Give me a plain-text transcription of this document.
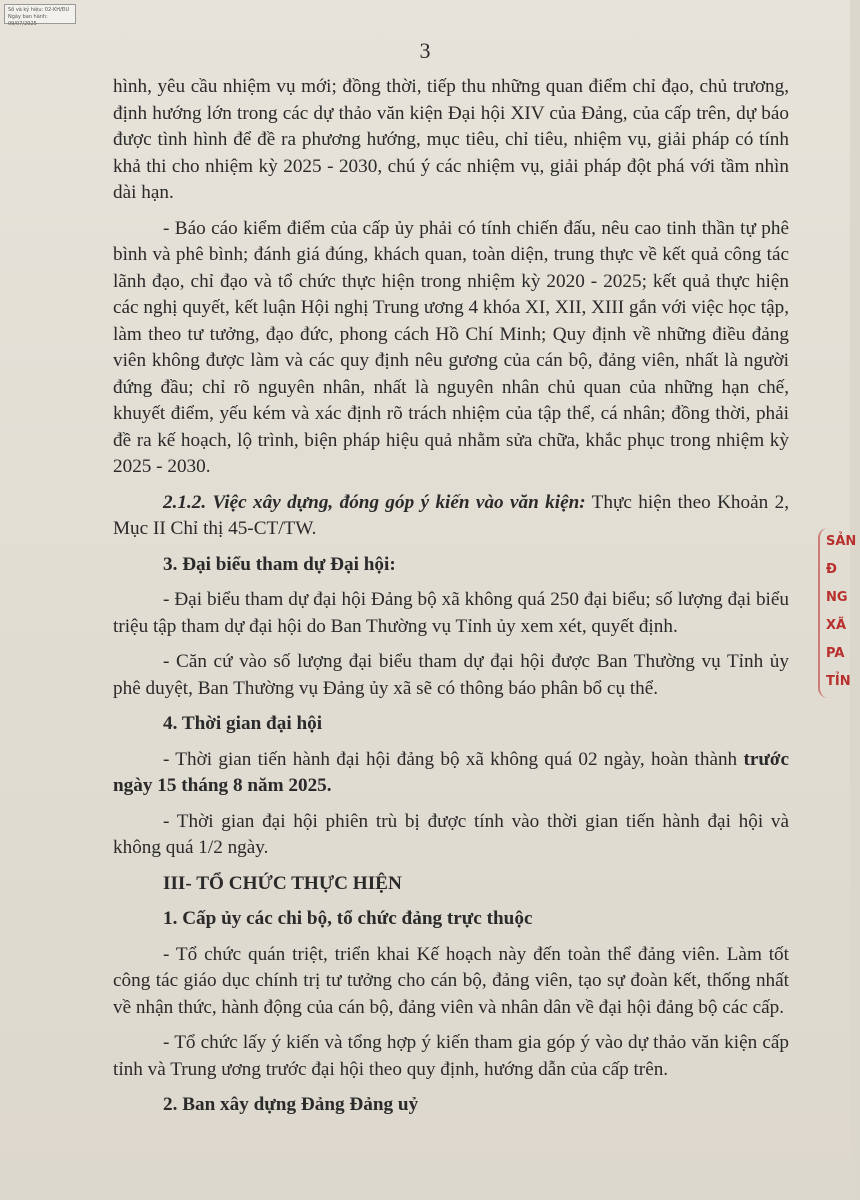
Số và ký hiệu: 02-KH/ĐU
Ngày ban hành: 09/07/2025
3

hình, yêu cầu nhiệm vụ mới; đồng thời, tiếp thu những quan điểm chỉ đạo, chủ trương, định hướng lớn trong các dự thảo văn kiện Đại hội XIV của Đảng, của cấp trên, dự báo được tình hình để đề ra phương hướng, mục tiêu, chỉ tiêu, nhiệm vụ, giải pháp có tính khả thi cho nhiệm kỳ 2025 - 2030, chú ý các nhiệm vụ, giải pháp đột phá với tầm nhìn dài hạn.

- Báo cáo kiểm điểm của cấp ủy phải có tính chiến đấu, nêu cao tinh thần tự phê bình và phê bình; đánh giá đúng, khách quan, toàn diện, trung thực về kết quả công tác lãnh đạo, chỉ đạo và tổ chức thực hiện trong nhiệm kỳ 2020 - 2025; kết quả thực hiện các nghị quyết, kết luận Hội nghị Trung ương 4 khóa XI, XII, XIII gắn với việc học tập, làm theo tư tưởng, đạo đức, phong cách Hồ Chí Minh; Quy định về những điều đảng viên không được làm và các quy định nêu gương của cán bộ, đảng viên, nhất là người đứng đầu; chỉ rõ nguyên nhân, nhất là nguyên nhân chủ quan của những hạn chế, khuyết điểm, yếu kém và xác định rõ trách nhiệm của tập thể, cá nhân; đồng thời, phải đề ra kế hoạch, lộ trình, biện pháp hiệu quả nhằm sửa chữa, khắc phục trong nhiệm kỳ 2025 - 2030.

2.1.2. Việc xây dựng, đóng góp ý kiến vào văn kiện: Thực hiện theo Khoản 2, Mục II Chỉ thị 45-CT/TW.

3. Đại biểu tham dự Đại hội:

- Đại biểu tham dự đại hội Đảng bộ xã không quá 250 đại biểu; số lượng đại biểu triệu tập tham dự đại hội do Ban Thường vụ Tỉnh ủy xem xét, quyết định.

- Căn cứ vào số lượng đại biểu tham dự đại hội được Ban Thường vụ Tỉnh ủy phê duyệt, Ban Thường vụ Đảng ủy xã sẽ có thông báo phân bổ cụ thể.

4. Thời gian đại hội

- Thời gian tiến hành đại hội đảng bộ xã không quá 02 ngày, hoàn thành trước ngày 15 tháng 8 năm 2025.

- Thời gian đại hội phiên trù bị được tính vào thời gian tiến hành đại hội và không quá 1/2 ngày.

III- TỔ CHỨC THỰC HIỆN

1. Cấp ủy các chi bộ, tổ chức đảng trực thuộc

- Tổ chức quán triệt, triển khai Kế hoạch này đến toàn thể đảng viên. Làm tốt công tác giáo dục chính trị tư tưởng cho cán bộ, đảng viên, tạo sự đoàn kết, thống nhất về nhận thức, hành động của cán bộ, đảng viên và nhân dân về đại hội đảng bộ các cấp.

- Tổ chức lấy ý kiến và tổng hợp ý kiến tham gia góp ý vào dự thảo văn kiện cấp tỉnh và Trung ương trước đại hội theo quy định, hướng dẫn của cấp trên.

2. Ban xây dựng Đảng Đảng uỷ

SẢN
Đ
NG
XÃ
PA
TỈN
